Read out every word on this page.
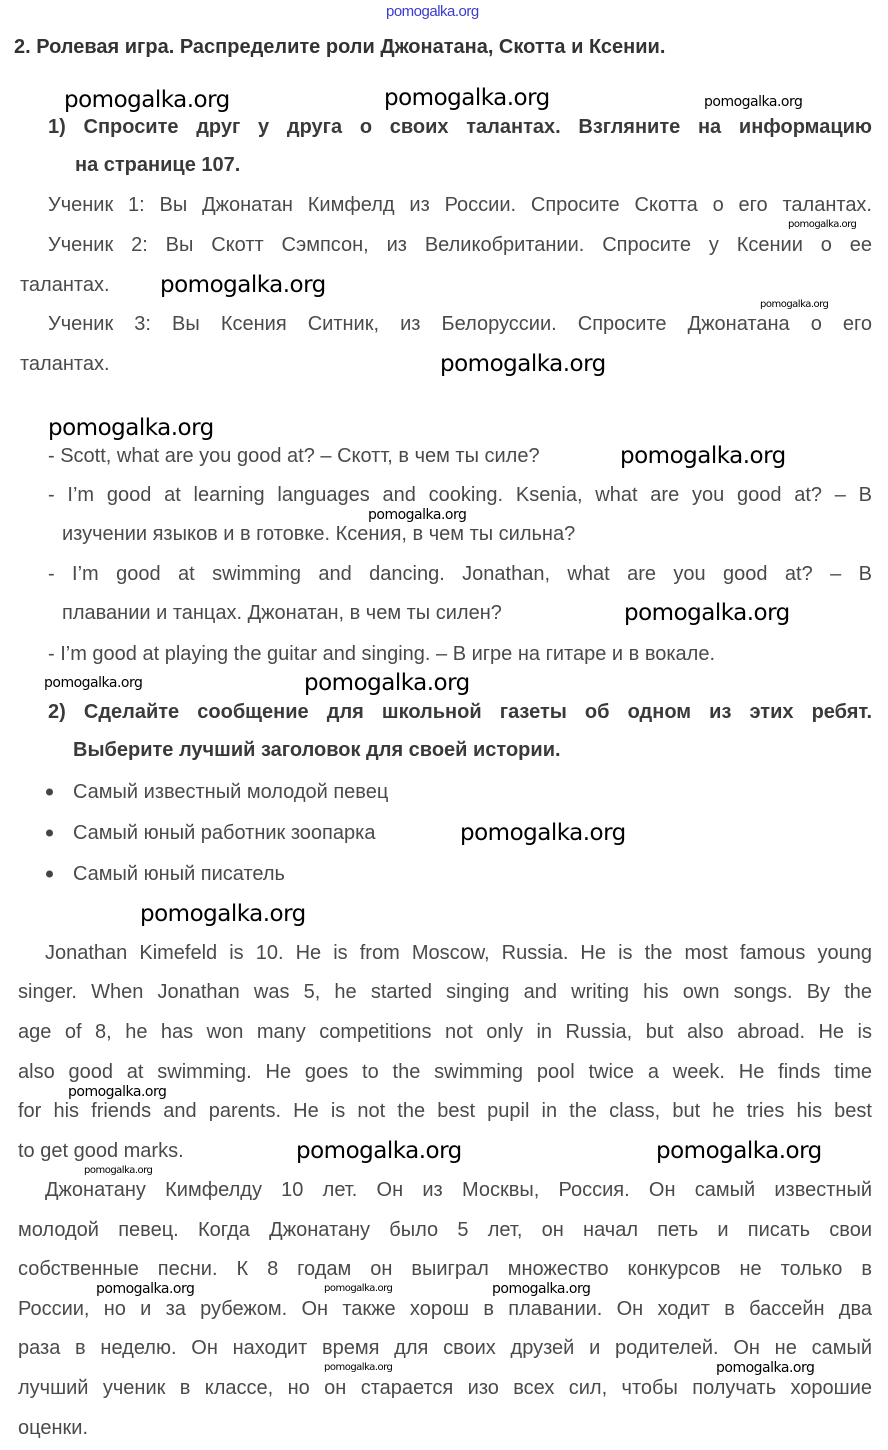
2. Ролевая игра. Распределите роли Джонатана, Скотта и Ксении.
1) Спросите друг у друга о своих талантах. Взгляните на информацию
на странице 107.
Ученик 1: Вы Джонатан Кимфелд из России. Спросите Скотта о его талантах.
Ученик 2: Вы Скотт Сэмпсон, из Великобритании. Спросите у Ксении о ее
талантах.
Ученик 3: Вы Ксения Ситник, из Белоруссии. Спросите Джонатана о его
талантах.
- Scott, what are you good at? – Скотт, в чем ты силе?
- I’m good at learning languages and cooking. Ksenia, what are you good at? – В
изучении языков и в готовке. Ксения, в чем ты сильна?
- I’m good at swimming and dancing. Jonathan, what are you good at? – В
плавании и танцах. Джонатан, в чем ты силен?
- I’m good at playing the guitar and singing. – В игре на гитаре и в вокале.
2) Сделайте сообщение для школьной газеты об одном из этих ребят.
Выберите лучший заголовок для своей истории.
Самый известный молодой певец
Самый юный работник зоопарка
Самый юный писатель
Jonathan Kimefeld is 10. He is from Moscow, Russia. He is the most famous young
singer. When Jonathan was 5, he started singing and writing his own songs. By the
age of 8, he has won many competitions not only in Russia, but also abroad. He is
also good at swimming. He goes to the swimming pool twice a week. He finds time
for his friends and parents. He is not the best pupil in the class, but he tries his best
to get good marks.
Джонатану Кимфелду 10 лет. Он из Москвы, Россия. Он самый известный
молодой певец. Когда Джонатану было 5 лет, он начал петь и писать свои
собственные песни. К 8 годам он выиграл множество конкурсов не только в
России, но и за рубежом. Он также хорош в плавании. Он ходит в бассейн два
раза в неделю. Он находит время для своих друзей и родителей. Он не самый
лучший ученик в классе, но он старается изо всех сил, чтобы получать хорошие
оценки.
pomogalka.org
pomogalka.org	pomogalka.org	pomogalka.org
pomogalka.org
pomogalka.org
pomogalka.org
pomogalka.org
pomogalka.org
pomogalka.org
pomogalka.org
pomogalka.org
pomogalka.org	pomogalka.org
pomogalka.org
pomogalka.org
pomogalka.org
pomogalka.org	pomogalka.org
pomogalka.org
pomogalka.org	pomogalka.org	pomogalka.org
pomogalka.org	pomogalka.org
